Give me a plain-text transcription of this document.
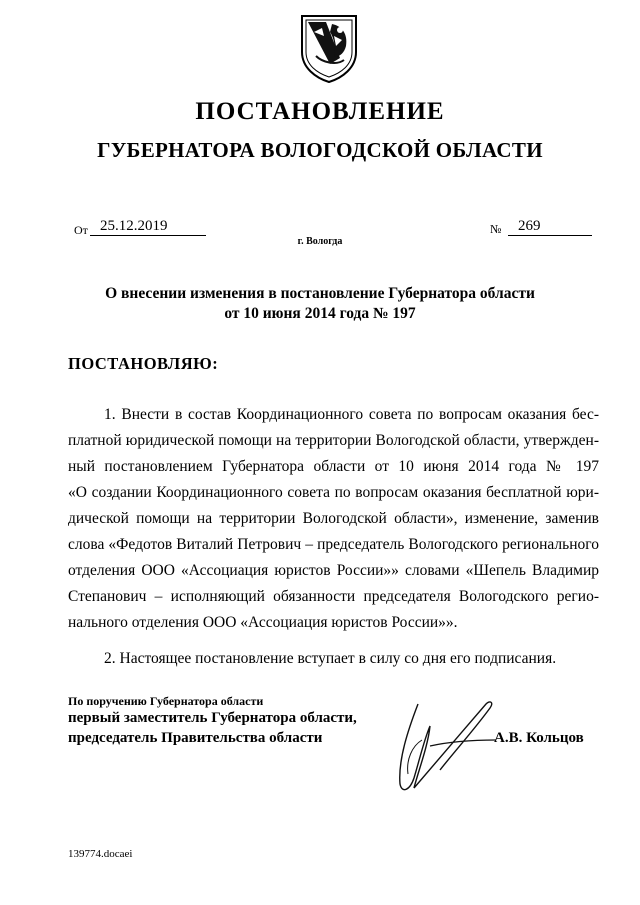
ПОСТАНОВЛЕНИЕ
ГУБЕРНАТОРА ВОЛОГОДСКОЙ ОБЛАСТИ
От 25.12.2019	№	269
г. Вологда
О внесении изменения в постановление Губернатора области
от 10 июня 2014 года № 197
ПОСТАНОВЛЯЮ:
1. Внести в состав Координационного совета по вопросам оказания бес-
платной юридической помощи на территории Вологодской области, утвержден-
ный постановлением Губернатора области от 10 июня 2014 года № 197
«О создании Координационного совета по вопросам оказания бесплатной юри-
дической помощи на территории Вологодской области», изменение, заменив
слова «Федотов Виталий Петрович – председатель Вологодского регионального
отделения ООО «Ассоциация юристов России»» словами «Шепель Владимир
Степанович – исполняющий обязанности председателя Вологодского регио-
нального отделения ООО «Ассоциация юристов России»».
2. Настоящее постановление вступает в силу со дня его подписания.
По поручению Губернатора области
первый заместитель Губернатора области,
председатель Правительства области	А.В. Кольцов
139774.docaei
